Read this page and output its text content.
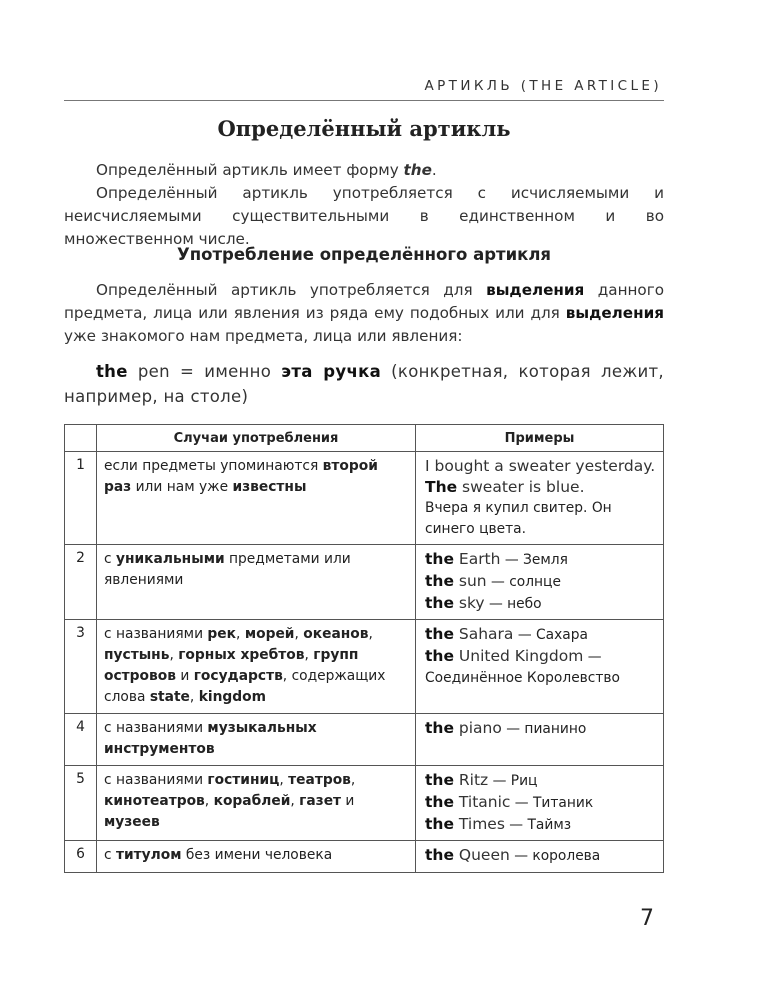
АРТИКЛЬ (THE ARTICLE)
Определённый артикль

Определённый артикль имеет форму the.

Определённый артикль употребляется с исчисляемыми и неисчисляемыми существительными в единственном и во множественном числе.

Употребление определённого артикля
Определённый артикль употребляется для выделения данного предмета, лица или явления из ряда ему подобных или для выделения уже знакомого нам предмета, лица или явления:
the pen = именно эта ручка (конкретная, которая лежит, например, на столе)
	Случаи употребления	Примеры
1	если предметы упоминаются второй раз или нам уже известны	I bought a sweater yesterday.
The sweater is blue.
Вчера я купил свитер. Он синего цвета.

2	с уникальными предметами или явлениями	the Earth — Земля
the sun — солнце
the sky — небо

3	с названиями рек, морей, океанов, пустынь, горных хребтов, групп островов и государств, содержащих слова state, kingdom	the Sahara — Сахара
the United Kingdom — Соединённое Королевство

4	с названиями музыкальных инструментов	the piano — пианино

5	с названиями гостиниц, театров, кинотеатров, кораблей, газет и музеев	the Ritz — Риц
the Titanic — Титаник
the Times — Таймз

6	с титулом без имени человека	the Queen — королева
7
